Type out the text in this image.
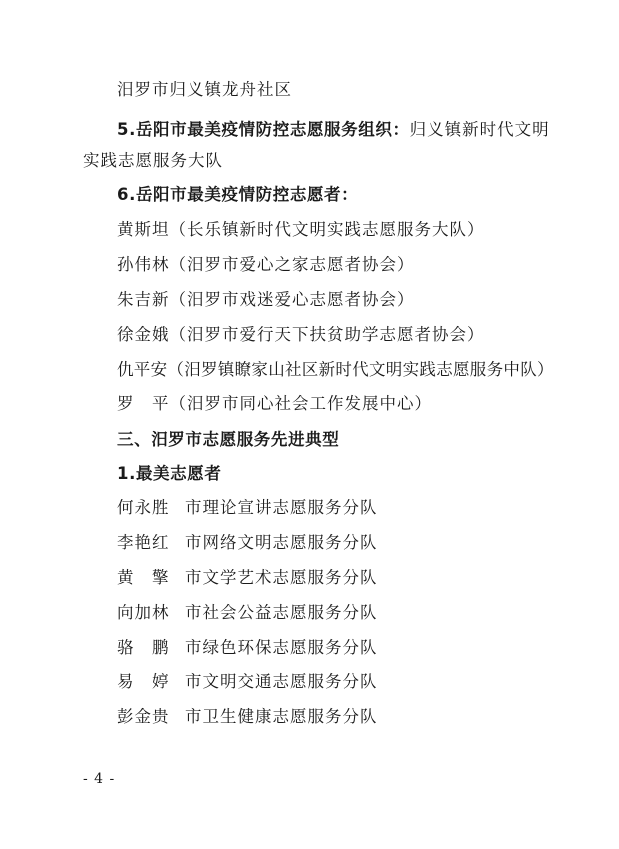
汨罗市归义镇龙舟社区
5.岳阳市最美疫情防控志愿服务组织：归义镇新时代文明
实践志愿服务大队
6.岳阳市最美疫情防控志愿者：
黄斯坦（长乐镇新时代文明实践志愿服务大队）
孙伟林（汨罗市爱心之家志愿者协会）
朱吉新（汨罗市戏迷爱心志愿者协会）
徐金娥（汨罗市爱行天下扶贫助学志愿者协会）
仇平安（汨罗镇瞭家山社区新时代文明实践志愿服务中队）
罗　平（汨罗市同心社会工作发展中心）
三、汨罗市志愿服务先进典型
1.最美志愿者
何永胜 市理论宣讲志愿服务分队
李艳红 市网络文明志愿服务分队
黄　擎 市文学艺术志愿服务分队
向加林 市社会公益志愿服务分队
骆　鹏 市绿色环保志愿服务分队
易　婷 市文明交通志愿服务分队
彭金贵 市卫生健康志愿服务分队
- 4 -
